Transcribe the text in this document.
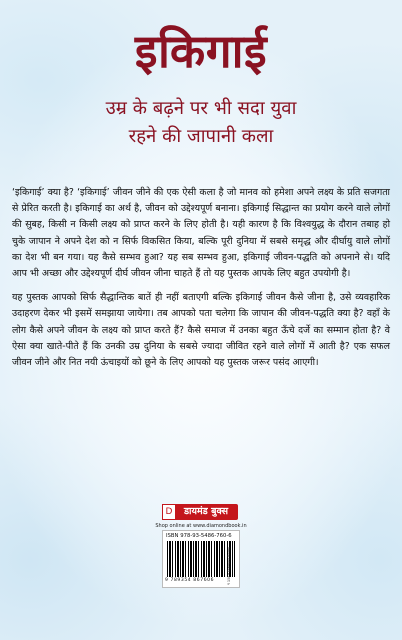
इकिगाई
उम्र के बढ़ने पर भी सदा युवा
रहने की जापानी कला

‘इकिगाई’ क्या है? ‘इकिगाई’ जीवन जीने की एक ऐसी कला है जो मानव को हमेशा अपने लक्ष्य के प्रति सजगता से प्रेरित करती है। इकिगाई का अर्थ है, जीवन को उद्देश्यपूर्ण बनाना। इकिगाई सिद्धान्त का प्रयोग करने वाले लोगों की सुबह, किसी न किसी लक्ष्य को प्राप्त करने के लिए होती है। यही कारण है कि विश्‍वयुद्ध के दौरान तबाह हो चुके जापान ने अपने देश को न सिर्फ विकसित किया, बल्कि पूरी दुनिया में सबसे समृद्ध और दीर्घायु वाले लोगों का देश भी बन गया। यह कैसे सम्भव हुआ? यह सब सम्भव हुआ, इकिगाई जीवन-पद्धति को अपनाने से। यदि आप भी अच्छा और उद्देश्यपूर्ण दीर्घ जीवन जीना चाहते हैं तो यह पुस्तक आपके लिए बहुत उपयोगी है।

यह पुस्तक आपको सिर्फ सैद्धान्तिक बातें ही नहीं बताएगी बल्कि इकिगाई जीवन कैसे जीना है, उसे व्यवहारिक उदाहरण देकर भी इसमें समझाया जायेगा। तब आपको पता चलेगा कि जापान की जीवन-पद्धति क्या है? वहाँ के लोग कैसे अपने जीवन के लक्ष्य को प्राप्त करते हैं? कैसे समाज में उनका बहुत ऊँचे दर्जे का सम्मान होता है? वे ऐसा क्या खाते-पीते हैं कि उनकी उम्र दुनिया के सबसे ज्यादा जीवित रहने वाले लोगों में आती है? एक सफल जीवन जीने और नित नयी ऊंचाइयों को छूने के लिए आपको यह पुस्तक जरूर पसंद आएगी।

डायमंड बुक्स
D
Shop online at www.diamondbook.in
ISBN 978-93-5486-760-6
9 789354 867606	₹ 150 • Diamond Books
